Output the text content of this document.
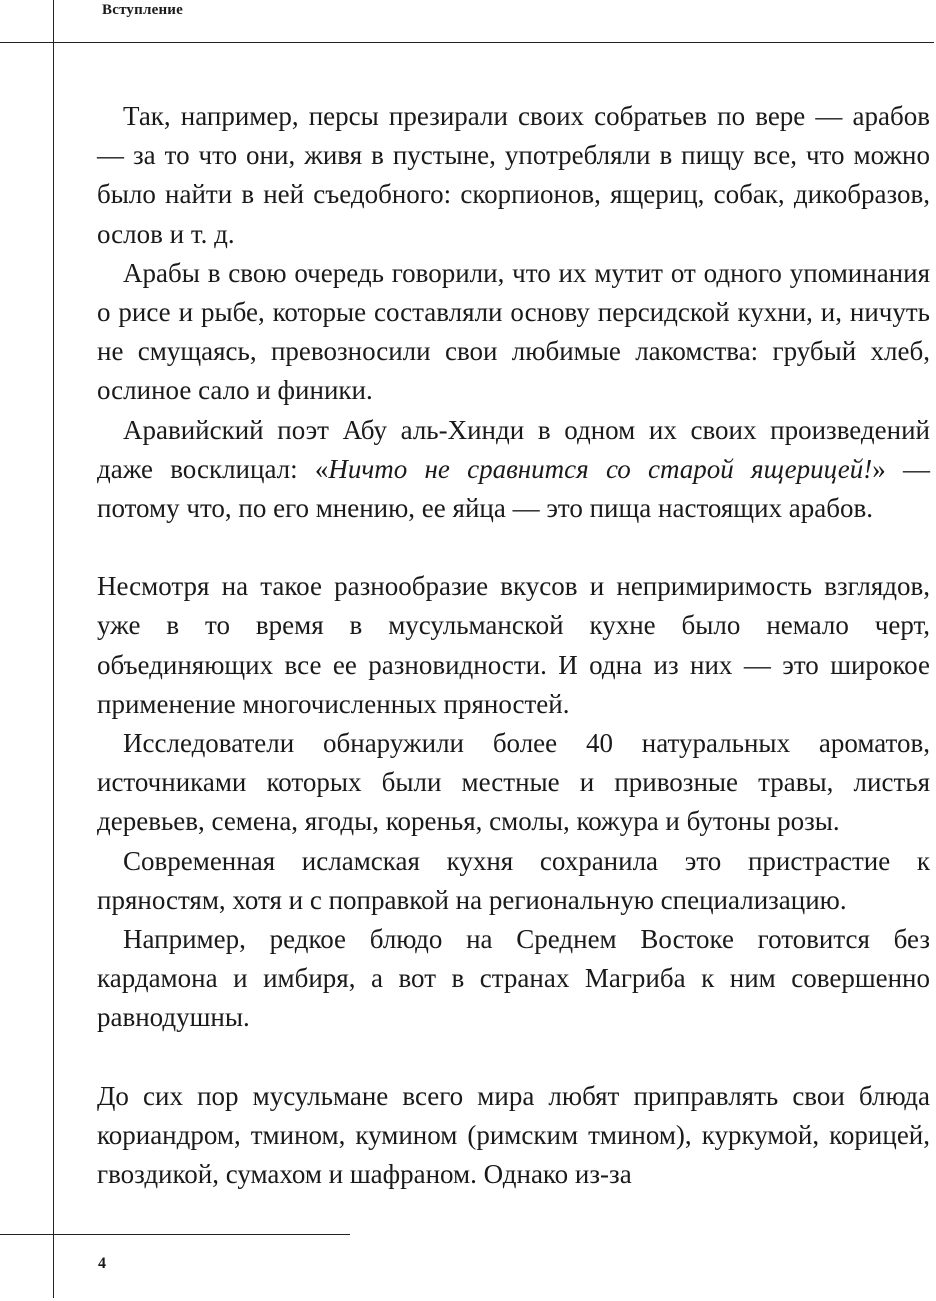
Вступление

Так, например, персы презирали своих собратьев по вере — арабов — за то что они, живя в пустыне, употребляли в пищу все, что можно было найти в ней съедобного: скорпионов, ящериц, собак, дикобразов, ослов и т. д.

Арабы в свою очередь говорили, что их мутит от одного упоминания о рисе и рыбе, которые составляли основу персидской кухни, и, ничуть не смущаясь, превозносили свои любимые лакомства: грубый хлеб, ослиное сало и финики.

Аравийский поэт Абу аль-Хинди в одном их своих произведений даже восклицал: «Ничто не сравнится со старой ящерицей!» — потому что, по его мнению, ее яйца — это пища настоящих арабов.

Несмотря на такое разнообразие вкусов и непримиримость взглядов, уже в то время в мусульманской кухне было немало черт, объединяющих все ее разновидности. И одна из них — это широкое применение многочисленных пряностей.

Исследователи обнаружили более 40 натуральных ароматов, источниками которых были местные и привозные травы, листья деревьев, семена, ягоды, коренья, смолы, кожура и бутоны розы.

Современная исламская кухня сохранила это пристрастие к пряностям, хотя и с поправкой на региональную специализацию.

Например, редкое блюдо на Среднем Востоке готовится без кардамона и имбиря, а вот в странах Магриба к ним совершенно равнодушны.

До сих пор мусульмане всего мира любят приправлять свои блюда кориандром, тмином, кумином (римским тмином), куркумой, корицей, гвоздикой, сумахом и шафраном. Однако из-за

4
